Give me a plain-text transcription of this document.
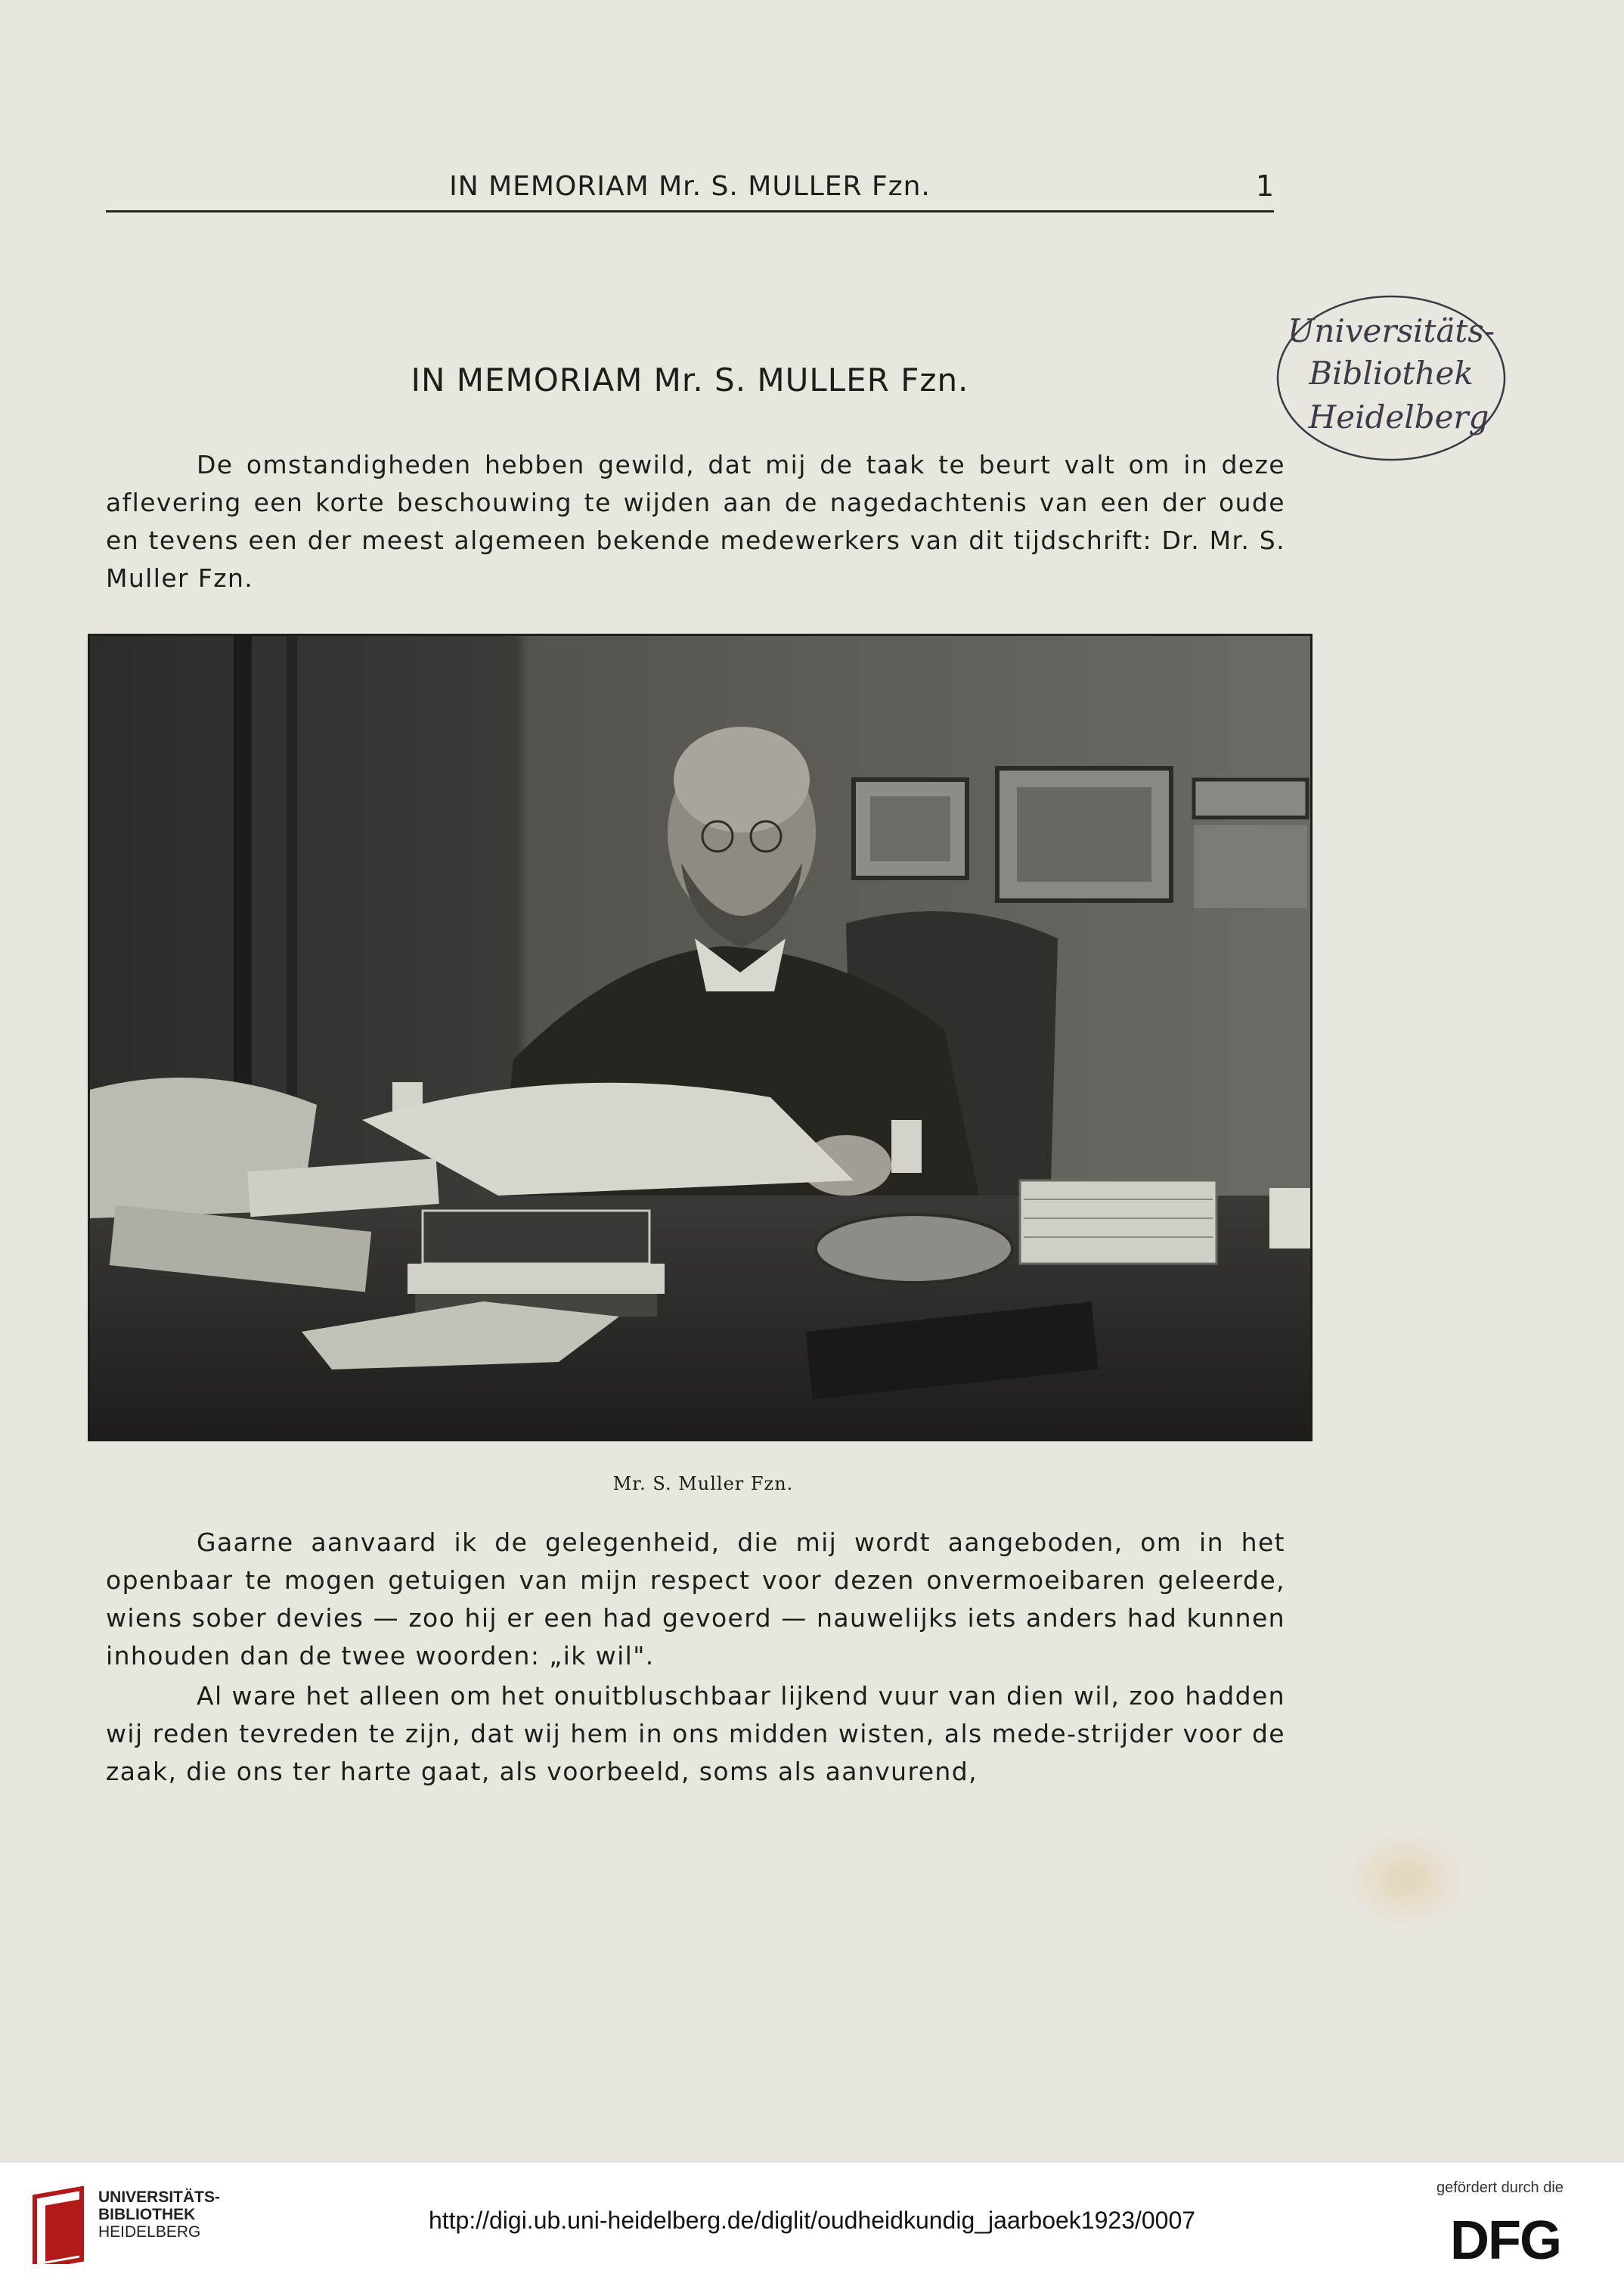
IN MEMORIAM Mr. S. MULLER Fzn.	1
Universitäts-
Bibliothek
Heidelberg
IN MEMORIAM Mr. S. MULLER Fzn.

De omstandigheden hebben gewild, dat mij de taak te beurt valt om in deze aflevering een korte beschouwing te wijden aan de nagedachtenis van een der oude en tevens een der meest algemeen bekende medewerkers van dit tijdschrift: Dr. Mr. S. Muller Fzn.

Mr. S. Muller Fzn.

Gaarne aanvaard ik de gelegenheid, die mij wordt aangeboden, om in het openbaar te mogen getuigen van mijn respect voor dezen onvermoeibaren geleerde, wiens sober devies — zoo hij er een had gevoerd — nauwelijks iets anders had kunnen inhouden dan de twee woorden: „ik wil".

Al ware het alleen om het onuitbluschbaar lijkend vuur van dien wil, zoo hadden wij reden tevreden te zijn, dat wij hem in ons midden wisten, als mede-strijder voor de zaak, die ons ter harte gaat, als voorbeeld, soms als aanvurend,

UNIVERSITÄTS-
BIBLIOTHEK
HEIDELBERG	http://digi.ub.uni-heidelberg.de/diglit/oudheidkundig_jaarboek1923/0007
gefördert durch die
DFG
